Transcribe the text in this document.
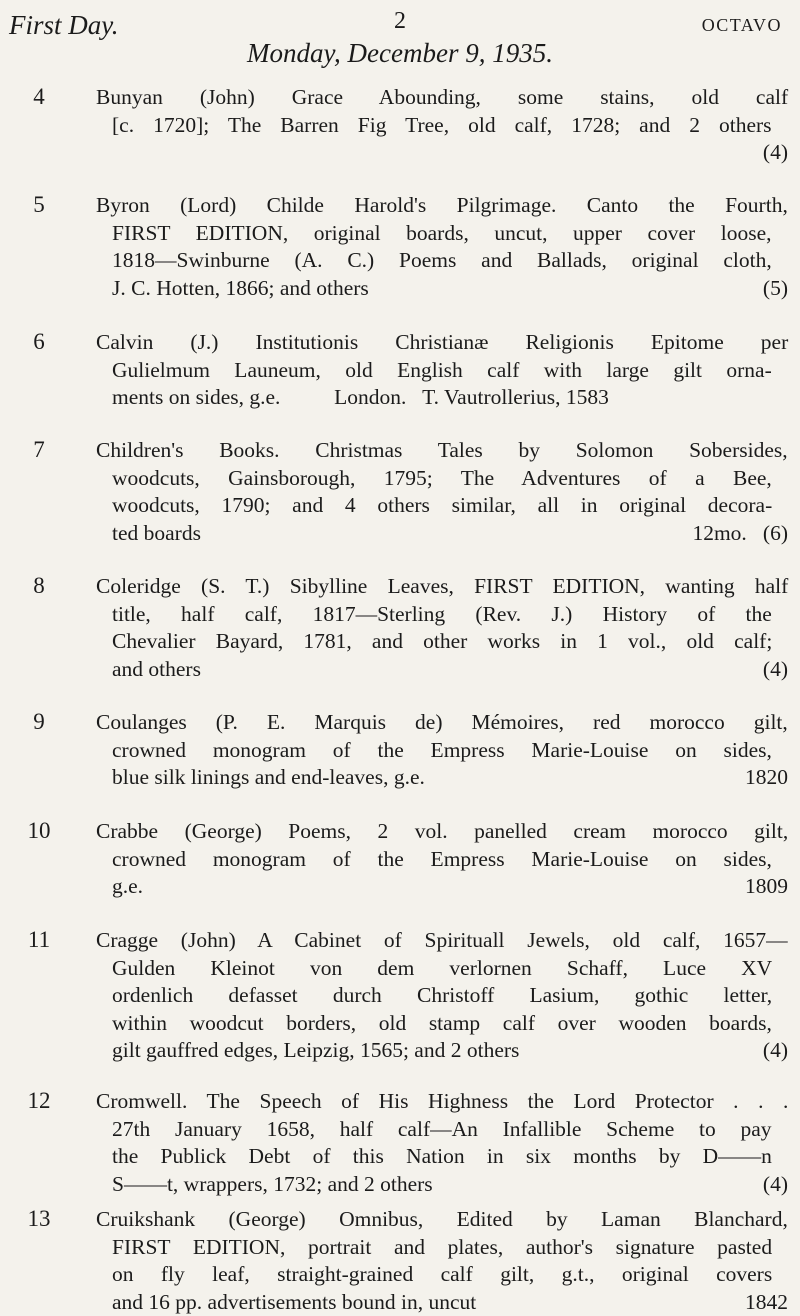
First Day.	2	OCTAVO
Monday, December 9, 1935.
4	Bunyan (John) Grace Abounding, some stains, old calf
[c. 1720]; The Barren Fig Tree, old calf, 1728; and 2 others
(4)
5	Byron (Lord) Childe Harold's Pilgrimage. Canto the Fourth,
FIRST EDITION, original boards, uncut, upper cover loose,
1818—Swinburne (A. C.) Poems and Ballads, original cloth,
J. C. Hotten, 1866; and others	(5)
6	Calvin (J.) Institutionis Christianæ Religionis Epitome per
Gulielmum Launeum, old English calf with large gilt orna-
ments on sides, g.e.          London.   T. Vautrollerius, 1583
7	Children's Books. Christmas Tales by Solomon Sobersides,
woodcuts, Gainsborough, 1795; The Adventures of a Bee,
woodcuts, 1790; and 4 others similar, all in original decora-
ted boards	12mo.   (6)
8	Coleridge (S. T.) Sibylline Leaves, FIRST EDITION, wanting half
title, half calf, 1817—Sterling (Rev. J.) History of the
Chevalier Bayard, 1781, and other works in 1 vol., old calf;
and others	(4)
9	Coulanges (P. E. Marquis de) Mémoires, red morocco gilt,
crowned monogram of the Empress Marie-Louise on sides,
blue silk linings and end-leaves, g.e.	1820
10	Crabbe (George) Poems, 2 vol. panelled cream morocco gilt,
crowned monogram of the Empress Marie-Louise on sides,
g.e.	1809
11	Cragge (John) A Cabinet of Spirituall Jewels, old calf, 1657—
Gulden Kleinot von dem verlornen Schaff, Luce XV
ordenlich defasset durch Christoff Lasium, gothic letter,
within woodcut borders, old stamp calf over wooden boards,
gilt gauffred edges, Leipzig, 1565; and 2 others	(4)
12	Cromwell. The Speech of His Highness the Lord Protector . . .
27th January 1658, half calf—An Infallible Scheme to pay
the Publick Debt of this Nation in six months by D——n
S——t, wrappers, 1732; and 2 others	(4)
13	Cruikshank (George) Omnibus, Edited by Laman Blanchard,
FIRST EDITION, portrait and plates, author's signature pasted
on fly leaf, straight-grained calf gilt, g.t., original covers
and 16 pp. advertisements bound in, uncut	1842
